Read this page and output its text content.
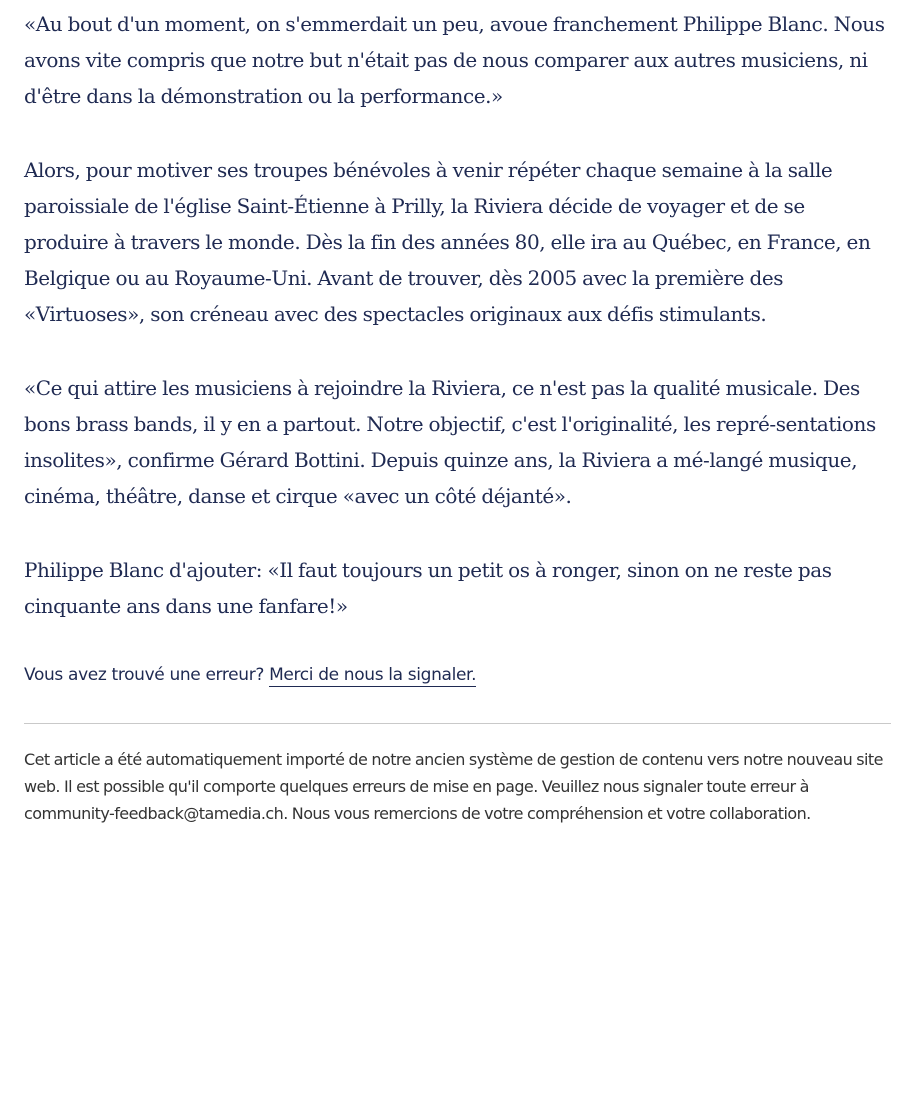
«Au bout d'un moment, on s'emmerdait un peu, avoue franchement Philippe Blanc. Nous avons vite compris que notre but n'était pas de nous comparer aux autres musiciens, ni d'être dans la démonstration ou la performance.»

Alors, pour motiver ses troupes bénévoles à venir répéter chaque semaine à la salle paroissiale de l'église Saint-Étienne à Prilly, la Riviera décide de voyager et de se produire à travers le monde. Dès la fin des années 80, elle ira au Québec, en France, en Belgique ou au Royaume-Uni. Avant de trouver, dès 2005 avec la première des «Virtuoses», son créneau avec des spectacles originaux aux défis stimulants.

«Ce qui attire les musiciens à rejoindre la Riviera, ce n'est pas la qualité musicale. Des bons brass bands, il y en a partout. Notre objectif, c'est l'originalité, les repré-sentations insolites», confirme Gérard Bottini. Depuis quinze ans, la Riviera a mé-langé musique, cinéma, théâtre, danse et cirque «avec un côté déjanté».

Philippe Blanc d'ajouter: «Il faut toujours un petit os à ronger, sinon on ne reste pas cinquante ans dans une fanfare!»

Vous avez trouvé une erreur? Merci de nous la signaler.

Cet article a été automatiquement importé de notre ancien système de gestion de contenu vers notre nouveau site web. Il est possible qu'il comporte quelques erreurs de mise en page. Veuillez nous signaler toute erreur à community-feedback@tamedia.ch. Nous vous remercions de votre compréhension et votre collaboration.
